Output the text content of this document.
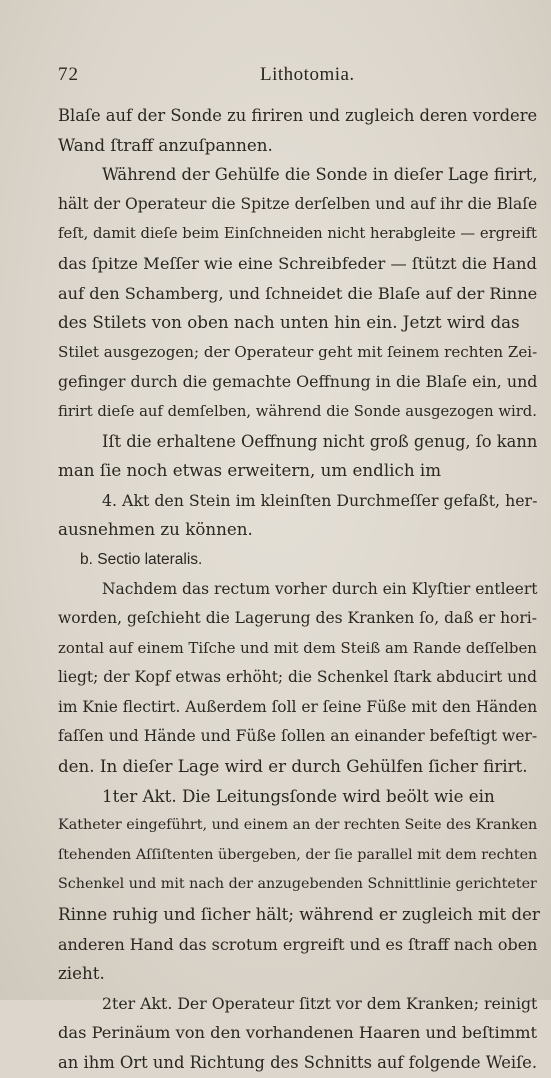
72	Lithotomia.
Blaſe auf der Sonde zu firiren und zugleich deren vordere
Wand ſtraff anzuſpannen.
Während der Gehülfe die Sonde in dieſer Lage firirt,
hält der Operateur die Spitze derſelben und auf ihr die Blaſe
feſt, damit dieſe beim Einſchneiden nicht herabgleite — ergreift
das ſpitze Meſſer wie eine Schreibfeder — ſtützt die Hand
auf den Schamberg, und ſchneidet die Blaſe auf der Rinne
des Stilets von oben nach unten hin ein. Jetzt wird das
Stilet ausgezogen; der Operateur geht mit ſeinem rechten Zei-
gefinger durch die gemachte Oeffnung in die Blaſe ein, und
firirt dieſe auf demſelben, während die Sonde ausgezogen wird.
Iſt die erhaltene Oeffnung nicht groß genug, ſo kann
man ſie noch etwas erweitern, um endlich im
4. Akt den Stein im kleinſten Durchmeſſer gefaßt, her-
ausnehmen zu können.
b. Sectio lateralis.
Nachdem das rectum vorher durch ein Klyſtier entleert
worden, geſchieht die Lagerung des Kranken ſo, daß er hori-
zontal auf einem Tiſche und mit dem Steiß am Rande deſſelben
liegt; der Kopf etwas erhöht; die Schenkel ſtark abducirt und
im Knie flectirt. Außerdem ſoll er ſeine Füße mit den Händen
faſſen und Hände und Füße ſollen an einander befeſtigt wer-
den. In dieſer Lage wird er durch Gehülfen ſicher firirt.
1ter Akt. Die Leitungsſonde wird beölt wie ein
Katheter eingeführt, und einem an der rechten Seite des Kranken
ſtehenden Aſſiſtenten übergeben, der ſie parallel mit dem rechten
Schenkel und mit nach der anzugebenden Schnittlinie gerichteter
Rinne ruhig und ſicher hält; während er zugleich mit der
anderen Hand das scrotum ergreift und es ſtraff nach oben
zieht.
2ter Akt. Der Operateur ſitzt vor dem Kranken; reinigt
das Perinäum von den vorhandenen Haaren und beſtimmt
an ihm Ort und Richtung des Schnitts auf folgende Weiſe.
